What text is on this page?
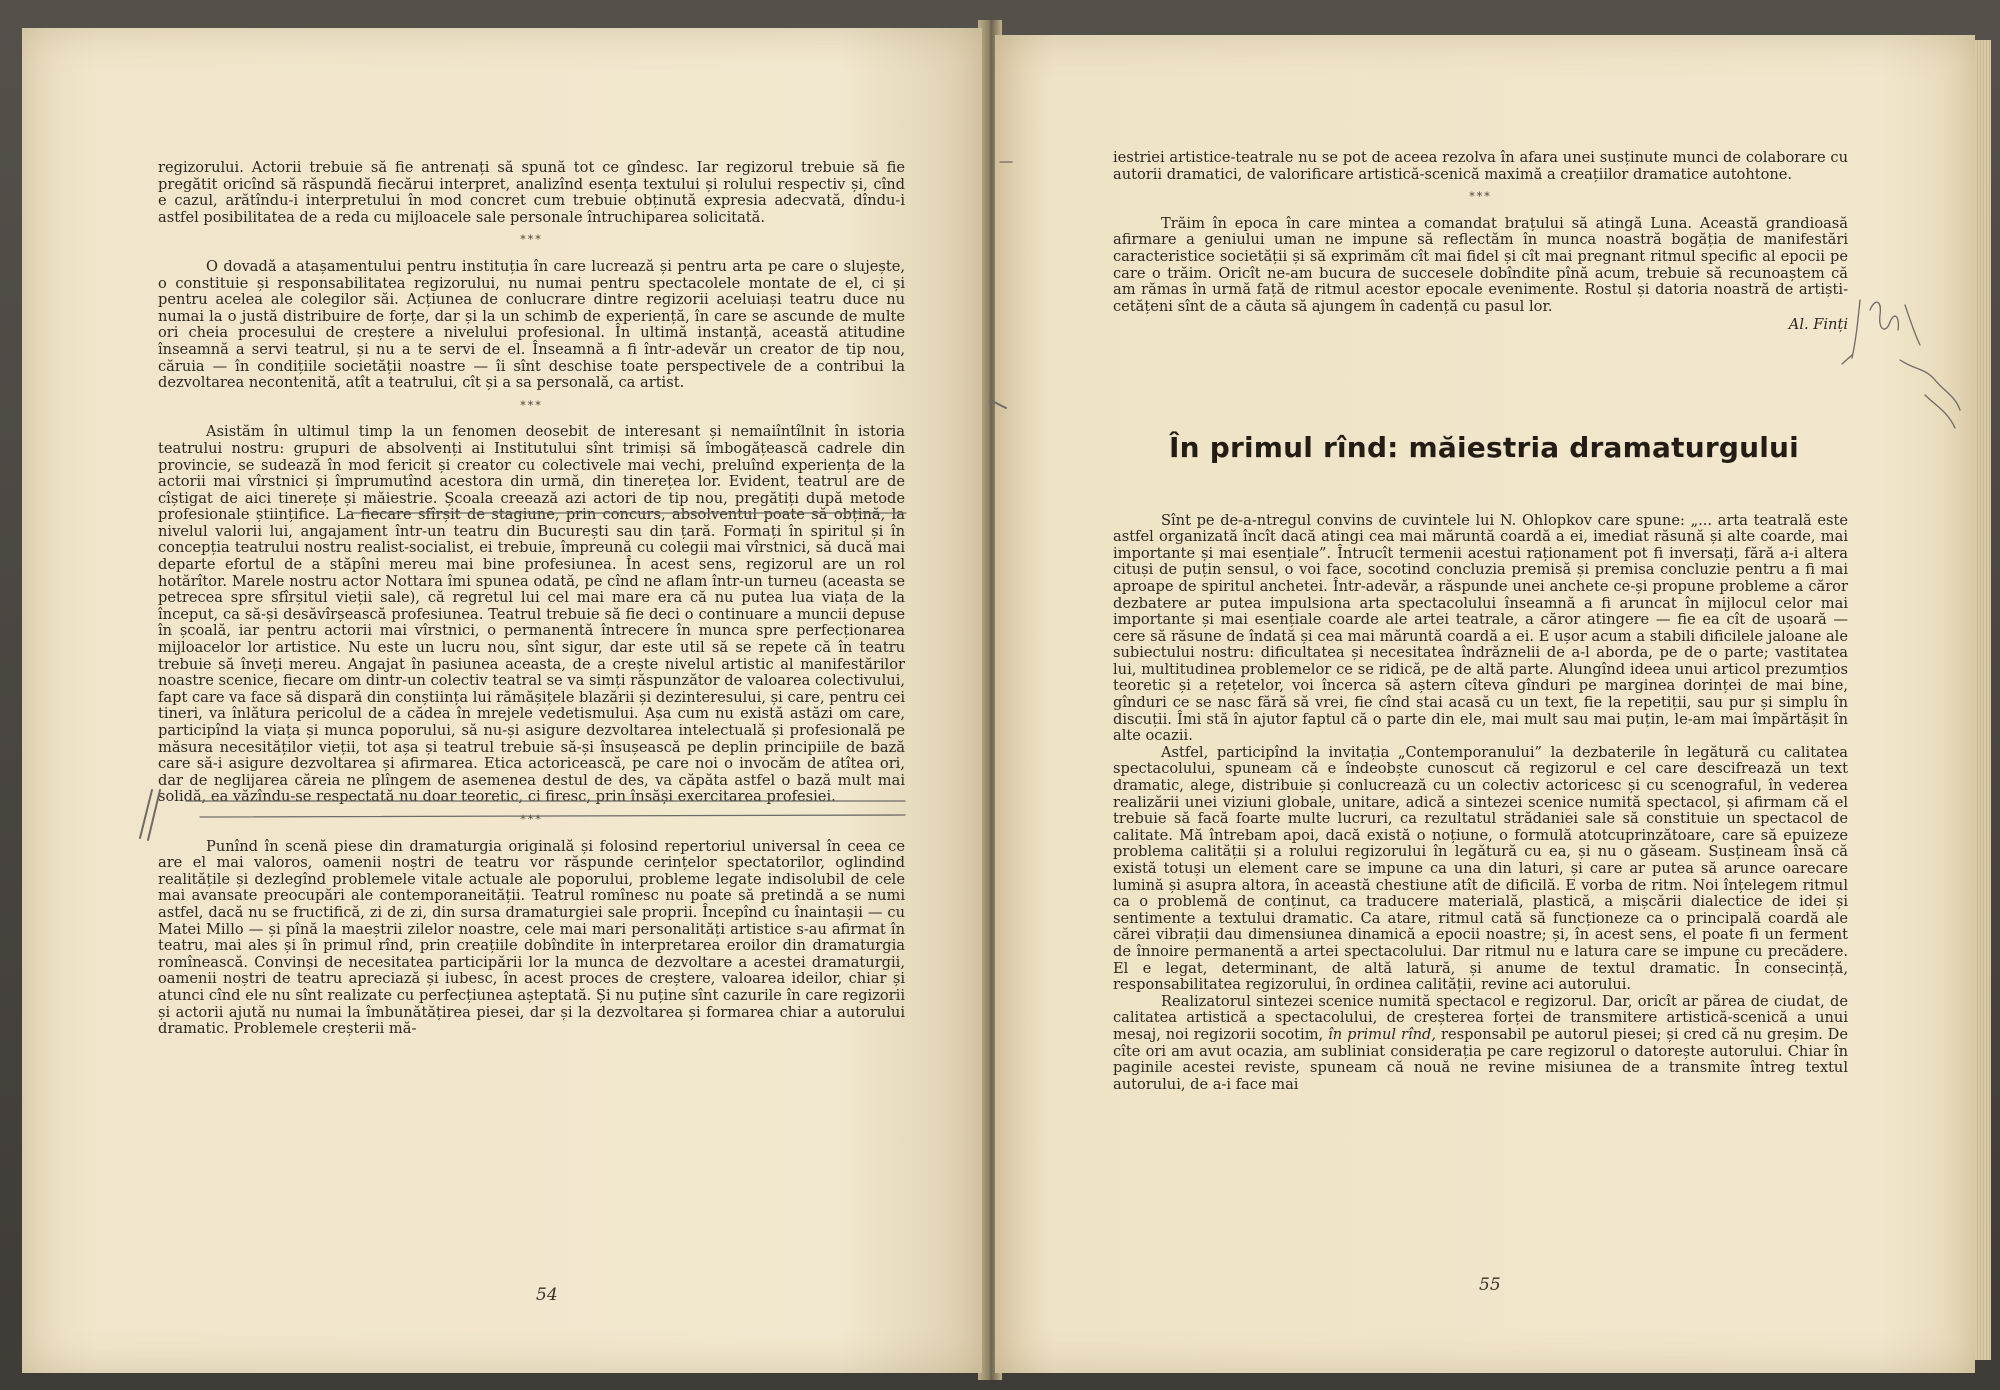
regizorului. Actorii trebuie să fie antrenați să spună tot ce gîndesc. Iar regizorul trebuie să fie pregătit oricînd să răspundă fiecărui interpret, analizînd esența textului și rolului respectiv și, cînd e cazul, arătîndu-i interpretului în mod concret cum trebuie obținută expresia adecvată, dîndu-i astfel posibilitatea de a reda cu mijloacele sale personale întruchiparea solicitată.

***

O dovadă a atașamentului pentru instituția în care lucrează și pentru arta pe care o slujește, o constituie și responsabilitatea regizorului, nu numai pentru spectacolele montate de el, ci și pentru acelea ale colegilor săi. Acțiunea de conlucrare dintre regizorii aceluiași teatru duce nu numai la o justă distribuire de forțe, dar și la un schimb de experiență, în care se ascunde de multe ori cheia procesului de creștere a nivelului profesional. În ultimă instanță, această atitudine înseamnă a servi teatrul, și nu a te servi de el. Înseamnă a fi într-adevăr un creator de tip nou, căruia — în condițiile societății noastre — îi sînt deschise toate perspectivele de a contribui la dezvoltarea necontenită, atît a teatrului, cît și a sa personală, ca artist.

***

Asistăm în ultimul timp la un fenomen deosebit de interesant și nemaiîntîlnit în istoria teatrului nostru: grupuri de absolvenți ai Institutului sînt trimiși să îmbogățească cadrele din provincie, se sudează în mod fericit și creator cu colectivele mai vechi, preluînd experiența de la actorii mai vîrstnici și împrumutînd acestora din urmă, din tinerețea lor. Evident, teatrul are de cîștigat de aici tinerețe și măiestrie. Școala creează azi actori de tip nou, pregătiți după metode profesionale științifice. La fiecare sfîrșit de stagiune, prin concurs, absolventul poate să obțină, la nivelul valorii lui, angajament într-un teatru din București sau din țară. Formați în spiritul și în concepția teatrului nostru realist-socialist, ei trebuie, împreună cu colegii mai vîrstnici, să ducă mai departe efortul de a stăpîni mereu mai bine profesiunea. În acest sens, regizorul are un rol hotărîtor. Marele nostru actor Nottara îmi spunea odată, pe cînd ne aflam într-un turneu (aceasta se petrecea spre sfîrșitul vieții sale), că regretul lui cel mai mare era că nu putea lua viața de la început, ca să-și desăvîrșească profesiunea. Teatrul trebuie să fie deci o continuare a muncii depuse în școală, iar pentru actorii mai vîrstnici, o permanentă întrecere în munca spre perfecționarea mijloacelor lor artistice. Nu este un lucru nou, sînt sigur, dar este util să se repete că în teatru trebuie să înveți mereu. Angajat în pasiunea aceasta, de a crește nivelul artistic al manifestărilor noastre scenice, fiecare om dintr-un colectiv teatral se va simți răspunzător de valoarea colectivului, fapt care va face să dispară din conștiința lui rămășițele blazării și dezinteresului, și care, pentru cei tineri, va înlătura pericolul de a cădea în mrejele vedetismului. Așa cum nu există astăzi om care, participînd la viața și munca poporului, să nu-și asigure dezvoltarea intelectuală și profesională pe măsura necesităților vieții, tot așa și teatrul trebuie să-și însușească pe deplin principiile de bază care să-i asigure dezvoltarea și afirmarea. Etica actoricească, pe care noi o invocăm de atîtea ori, dar de neglijarea căreia ne plîngem de asemenea destul de des, va căpăta astfel o bază mult mai solidă, ea văzîndu-se respectată nu doar teoretic, ci firesc, prin însăși exercitarea profesiei.

***

Punînd în scenă piese din dramaturgia originală și folosind repertoriul universal în ceea ce are el mai valoros, oamenii noștri de teatru vor răspunde cerințelor spectatorilor, oglindind realitățile și dezlegînd problemele vitale actuale ale poporului, probleme legate indisolubil de cele mai avansate preocupări ale contemporaneității. Teatrul romînesc nu poate să pretindă a se numi astfel, dacă nu se fructifică, zi de zi, din sursa dramaturgiei sale proprii. Începînd cu înaintașii — cu Matei Millo — și pînă la maeștrii zilelor noastre, cele mai mari personalități artistice s-au afirmat în teatru, mai ales și în primul rînd, prin creațiile dobîndite în interpretarea eroilor din dramaturgia romînească. Convinși de necesitatea participării lor la munca de dezvoltare a acestei dramaturgii, oamenii noștri de teatru apreciază și iubesc, în acest proces de creștere, valoarea ideilor, chiar și atunci cînd ele nu sînt realizate cu perfecțiunea așteptată. Și nu puține sînt cazurile în care regizorii și actorii ajută nu numai la îmbunătățirea piesei, dar și la dezvoltarea și formarea chiar a autorului dramatic. Problemele creșterii mă-

54

iestriei artistice-teatrale nu se pot de aceea rezolva în afara unei susținute munci de colaborare cu autorii dramatici, de valorificare artistică-scenică maximă a creațiilor dramatice autohtone.

***

Trăim în epoca în care mintea a comandat brațului să atingă Luna. Această grandioasă afirmare a geniului uman ne impune să reflectăm în munca noastră bogăția de manifestări caracteristice societății și să exprimăm cît mai fidel și cît mai pregnant ritmul specific al epocii pe care o trăim. Oricît ne-am bucura de succesele dobîndite pînă acum, trebuie să recunoaștem că am rămas în urmă față de ritmul acestor epocale evenimente. Rostul și datoria noastră de artiști-cetățeni sînt de a căuta să ajungem în cadență cu pasul lor.

Al. Finți
În primul rînd: măiestria dramaturgului

Sînt pe de-a-ntregul convins de cuvintele lui N. Ohlopkov care spune: „... arta teatrală este astfel organizată încît dacă atingi cea mai măruntă coardă a ei, imediat răsună și alte coarde, mai importante și mai esențiale”. Întrucît termenii acestui raționament pot fi inversați, fără a-i altera cituși de puțin sensul, o voi face, socotind concluzia premisă și premisa concluzie pentru a fi mai aproape de spiritul anchetei. Într-adevăr, a răspunde unei anchete ce-și propune probleme a căror dezbatere ar putea impulsiona arta spectacolului înseamnă a fi aruncat în mijlocul celor mai importante și mai esențiale coarde ale artei teatrale, a căror atingere — fie ea cît de ușoară — cere să răsune de îndată și cea mai măruntă coardă a ei. E ușor acum a stabili dificilele jaloane ale subiectului nostru: dificultatea și necesitatea îndrăznelii de a-l aborda, pe de o parte; vastitatea lui, multitudinea problemelor ce se ridică, pe de altă parte. Alungînd ideea unui articol prezumțios teoretic și a rețetelor, voi încerca să aștern cîteva gînduri pe marginea dorinței de mai bine, gînduri ce se nasc fără să vrei, fie cînd stai acasă cu un text, fie la repetiții, sau pur și simplu în discuții. Îmi stă în ajutor faptul că o parte din ele, mai mult sau mai puțin, le-am mai împărtășit în alte ocazii.

Astfel, participînd la invitația „Contemporanului” la dezbaterile în legătură cu calitatea spectacolului, spuneam că e îndeobște cunoscut că regizorul e cel care descifrează un text dramatic, alege, distribuie și conlucrează cu un colectiv actoricesc și cu scenograful, în vederea realizării unei viziuni globale, unitare, adică a sintezei scenice numită spectacol, și afirmam că el trebuie să facă foarte multe lucruri, ca rezultatul strădaniei sale să constituie un spectacol de calitate. Mă întrebam apoi, dacă există o noțiune, o formulă atotcuprinzătoare, care să epuizeze problema calității și a rolului regizorului în legătură cu ea, și nu o găseam. Susțineam însă că există totuși un element care se impune ca una din laturi, și care ar putea să arunce oarecare lumină și asupra altora, în această chestiune atît de dificilă. E vorba de ritm. Noi înțelegem ritmul ca o problemă de conținut, ca traducere materială, plastică, a mișcării dialectice de idei și sentimente a textului dramatic. Ca atare, ritmul cată să funcționeze ca o principală coardă ale cărei vibrații dau dimensiunea dinamică a epocii noastre; și, în acest sens, el poate fi un ferment de înnoire permanentă a artei spectacolului. Dar ritmul nu e latura care se impune cu precădere. El e legat, determinant, de altă latură, și anume de textul dramatic. În consecință, responsabilitatea regizorului, în ordinea calității, revine aci autorului.

Realizatorul sintezei scenice numită spectacol e regizorul. Dar, oricît ar părea de ciudat, de calitatea artistică a spectacolului, de creșterea forței de transmitere artistică-scenică a unui mesaj, noi regizorii socotim, în primul rînd, responsabil pe autorul piesei; și cred că nu greșim. De cîte ori am avut ocazia, am subliniat considerația pe care regizorul o datorește autorului. Chiar în paginile acestei reviste, spuneam că nouă ne revine misiunea de a transmite întreg textul autorului, de a-i face mai

55
